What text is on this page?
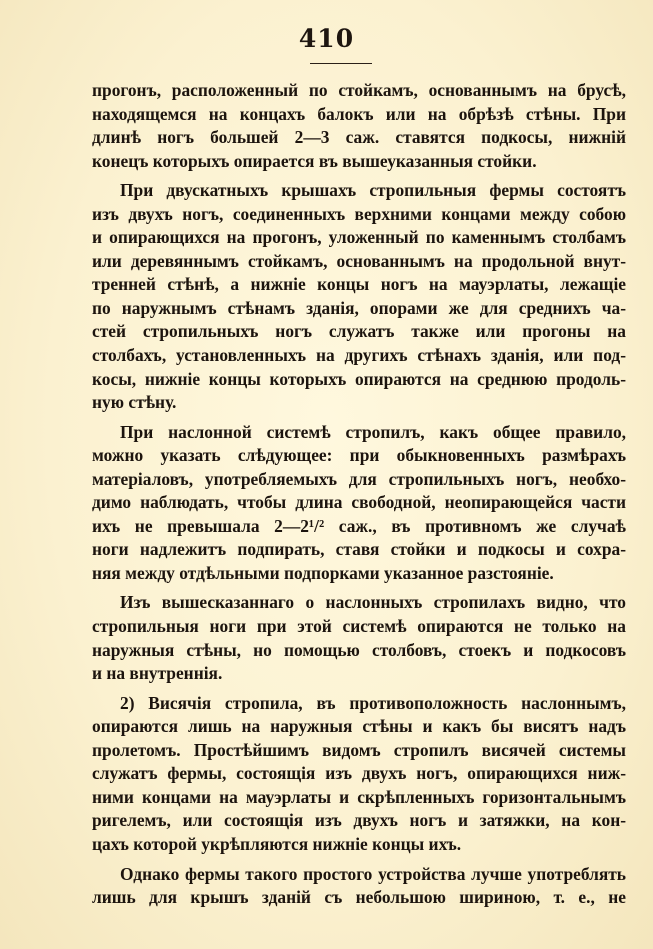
410
прогонъ, расположенный по стойкамъ, основаннымъ на брусѣ,
находящемся на концахъ балокъ или на обрѣзѣ стѣны. При
длинѣ ногъ большей 2—3 саж. ставятся подкосы, нижній
конецъ которыхъ опирается въ вышеуказанныя стойки.
При двускатныхъ крышахъ стропильныя фермы состоятъ
изъ двухъ ногъ, соединенныхъ верхними концами между собою
и опирающихся на прогонъ, уложенный по каменнымъ столбамъ
или деревяннымъ стойкамъ, основаннымъ на продольной внут-
тренней стѣнѣ, а нижніе концы ногъ на мауэрлаты, лежащіе
по наружнымъ стѣнамъ зданія, опорами же для среднихъ ча-
стей стропильныхъ ногъ служатъ также или прогоны на
столбахъ, установленныхъ на другихъ стѣнахъ зданія, или под-
косы, нижніе концы которыхъ опираются на среднюю продоль-
ную стѣну.
При наслонной системѣ стропилъ, какъ общее правило,
можно указать слѣдующее: при обыкновенныхъ размѣрахъ
матеріаловъ, употребляемыхъ для стропильныхъ ногъ, необхо-
димо наблюдать, чтобы длина свободной, неопирающейся части
ихъ не превышала 2—2¹/² саж., въ противномъ же случаѣ
ноги надлежитъ подпирать, ставя стойки и подкосы и сохра-
няя между отдѣльными подпорками указанное разстояніе.
Изъ вышесказаннаго о наслонныхъ стропилахъ видно, что
стропильныя ноги при этой системѣ опираются не только на
наружныя стѣны, но помощью столбовъ, стоекъ и подкосовъ
и на внутреннія.
2) Висячія стропила, въ противоположность наслоннымъ,
опираются лишь на наружныя стѣны и какъ бы висятъ надъ
пролетомъ. Простѣйшимъ видомъ стропилъ висячей системы
служатъ фермы, состоящія изъ двухъ ногъ, опирающихся ниж-
ними концами на мауэрлаты и скрѣпленныхъ горизонтальнымъ
ригелемъ, или состоящія изъ двухъ ногъ и затяжки, на кон-
цахъ которой укрѣпляются нижніе концы ихъ.
Однако фермы такого простого устройства лучше употреблять
лишь для крышъ зданій съ небольшою шириною, т. е., не
